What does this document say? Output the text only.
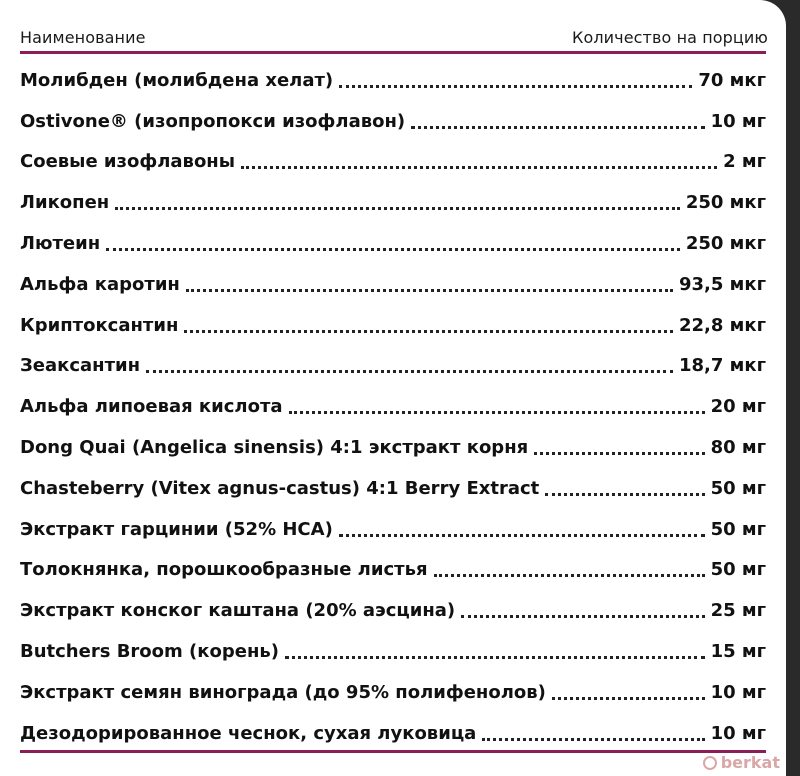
Наименование	Количество на порцию
Молибден (молибдена хелат)	70 мкг
Ostivone® (изопропокси изофлавон)	10 мг
Соевые изофлавоны	2 мг
Ликопен	250 мкг
Лютеин	250 мкг
Альфа каротин	93,5 мкг
Криптоксантин	22,8 мкг
Зеаксантин	18,7 мкг
Альфа липоевая кислота	20 мг
Dong Quai (Angelica sinensis) 4:1 экстракт корня	80 мг
Chasteberry (Vitex agnus-castus) 4:1 Berry Extract	50 мг
Экстракт гарцинии (52% HCA)	50 мг
Толокнянка, порошкообразные листья	50 мг
Экстракт конског каштана (20% аэсцина)	25 мг
Butchers Broom (корень)	15 мг
Экстракт семян винограда (до 95% полифенолов)	10 мг
Дезодорированное чеснок, сухая луковица	10 мг
berkat
